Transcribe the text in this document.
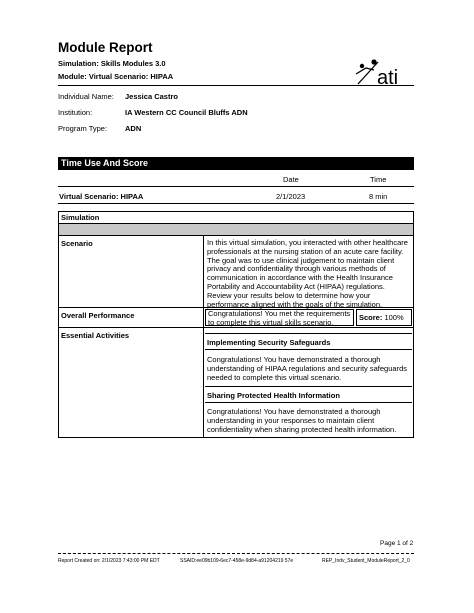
Module Report
Simulation: Skills Modules 3.0
Module: Virtual Scenario: HIPAA	ati
Individual Name: Jessica Castro
Institution:	IA Western CC Council Bluffs ADN
Program Type: ADN
Time Use And Score
Date	Time
Virtual Scenario: HIPAA	2/1/2023	8 min
Simulation
Scenario	In this virtual simulation, you interacted with other healthcare
professionals at the nursing station of an acute care facility.
The goal was to use clinical judgement to maintain client
privacy and confidentiality through various methods of
communication in accordance with the Health Insurance
Portability and Accountability Act (HIPAA) regulations.
Review your results below to determine how your
performance aligned with the goals of the simulation.
Overall Performance	Congratulations! You met the requirements
to complete this virtual skills scenario.
Score: 100%
Essential Activities
Implementing Security Safeguards
Congratulations! You have demonstrated a thorough
understanding of HIPAA regulations and security safeguards
needed to complete this virtual scenario.
Sharing Protected Health Information
Congratulations! You have demonstrated a thorough
understanding in your responses to maintain client
confidentiality when sharing protected health information.
Page 1 of 2
Report Created on: 2/1/2023 7:43:00 PM EDT	SSAID:ee09b109-6ec7-458e-9d84-a91204219 57e	REP_Indv_Student_ModuleReport_2_0
